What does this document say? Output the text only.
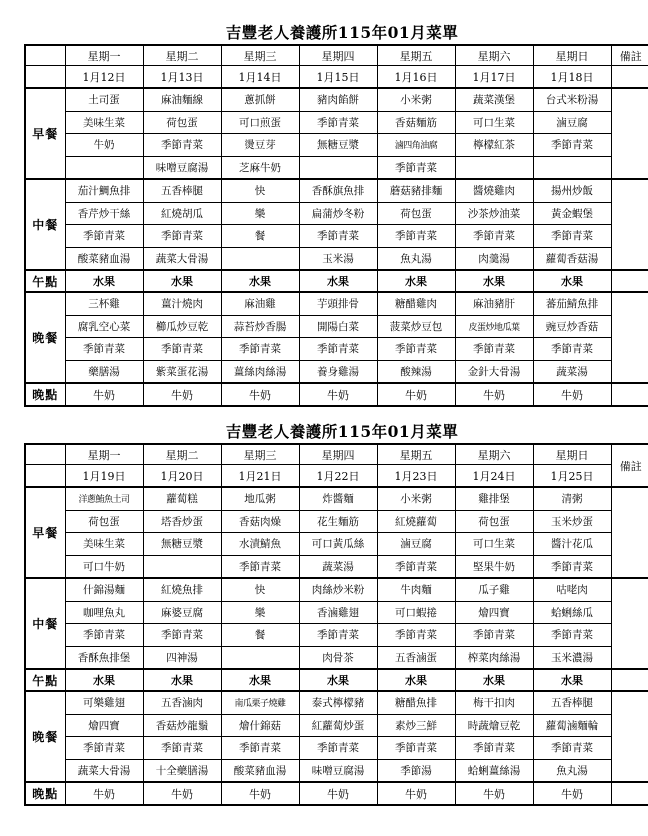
吉豐老人養護所115年01月菜單
	星期一	星期二	星期三	星期四	星期五	星期六	星期日	備註
	1月12日	1月13日	1月14日	1月15日	1月16日	1月17日	1月18日	
早餐	土司蛋	麻油麵線	蔥抓餅	豬肉餡餅	小米粥	蔬菜漢堡	台式米粉湯	
	美味生菜	荷包蛋	可口煎蛋	季節青菜	香菇麵筋	可口生菜	滷豆腐	
	牛奶	季節青菜	燙豆芽	無糖豆漿	滷四角油腐	檸檬紅茶	季節青菜	
		味噌豆腐湯	芝麻牛奶		季節青菜			
中餐	茄汁鯛魚排	五香棒腿	快	香酥旗魚排	蘑菇豬排麵	醬燒雞肉	揚州炒飯	
	香芹炒干絲	紅燒胡瓜	樂	扁蒲炒冬粉	荷包蛋	沙茶炒油菜	黃金蝦堡	
	季節青菜	季節青菜	餐	季節青菜	季節青菜	季節青菜	季節青菜	
	酸菜豬血湯	蔬菜大骨湯		玉米湯	魚丸湯	肉羹湯	蘿蔔香菇湯	
午點	水果	水果	水果	水果	水果	水果	水果	
晚餐	三杯雞	薑汁燒肉	麻油雞	芋頭排骨	糖醋雞肉	麻油豬肝	蕃茄鯖魚排	
	腐乳空心菜	櫛瓜炒豆乾	蒜苔炒香腸	開陽白菜	菠菜炒豆包	皮蛋炒地瓜葉	豌豆炒香菇	
	季節青菜	季節青菜	季節青菜	季節青菜	季節青菜	季節青菜	季節青菜	
	藥膳湯	紫菜蛋花湯	薑絲肉絲湯	養身雞湯	酸辣湯	金針大骨湯	蔬菜湯	
晚點	牛奶	牛奶	牛奶	牛奶	牛奶	牛奶	牛奶	
吉豐老人養護所115年01月菜單
	星期一	星期二	星期三	星期四	星期五	星期六	星期日	備註
	1月19日	1月20日	1月21日	1月22日	1月23日	1月24日	1月25日	
早餐	洋蔥鮪魚土司	蘿蔔糕	地瓜粥	炸醬麵	小米粥	雞排堡	清粥	
	荷包蛋	塔香炒蛋	香菇肉燥	花生麵筋	紅燒蘿蔔	荷包蛋	玉米炒蛋	
	美味生菜	無糖豆漿	水漬鯖魚	可口黃瓜絲	滷豆腐	可口生菜	醬汁花瓜	
	可口牛奶		季節青菜	蔬菜湯	季節青菜	堅果牛奶	季節青菜	
中餐	什錦湯麵	紅燒魚排	快	肉絲炒米粉	牛肉麵	瓜子雞	咕咾肉	
	咖哩魚丸	麻婆豆腐	樂	香滷雞翅	可口蝦捲	燴四寶	蛤蜊絲瓜	
	季節青菜	季節青菜	餐	季節青菜	季節青菜	季節青菜	季節青菜	
	香酥魚排堡	四神湯		肉骨茶	五香滷蛋	榨菜肉絲湯	玉米濃湯	
午點	水果	水果	水果	水果	水果	水果	水果	
晚餐	可樂雞翅	五香滷肉	南瓜栗子燒雞	泰式檸檬豬	糖醋魚排	梅干扣肉	五香棒腿	
	燴四寶	香菇炒龍鬚	燴什錦菇	紅蘿蔔炒蛋	素炒三鮮	時蔬燴豆乾	蘿蔔滷麵輪	
	季節青菜	季節青菜	季節青菜	季節青菜	季節青菜	季節青菜	季節青菜	
	蔬菜大骨湯	十全藥膳湯	酸菜豬血湯	味噌豆腐湯	季節湯	蛤蜊薑絲湯	魚丸湯	
晚點	牛奶	牛奶	牛奶	牛奶	牛奶	牛奶	牛奶	
